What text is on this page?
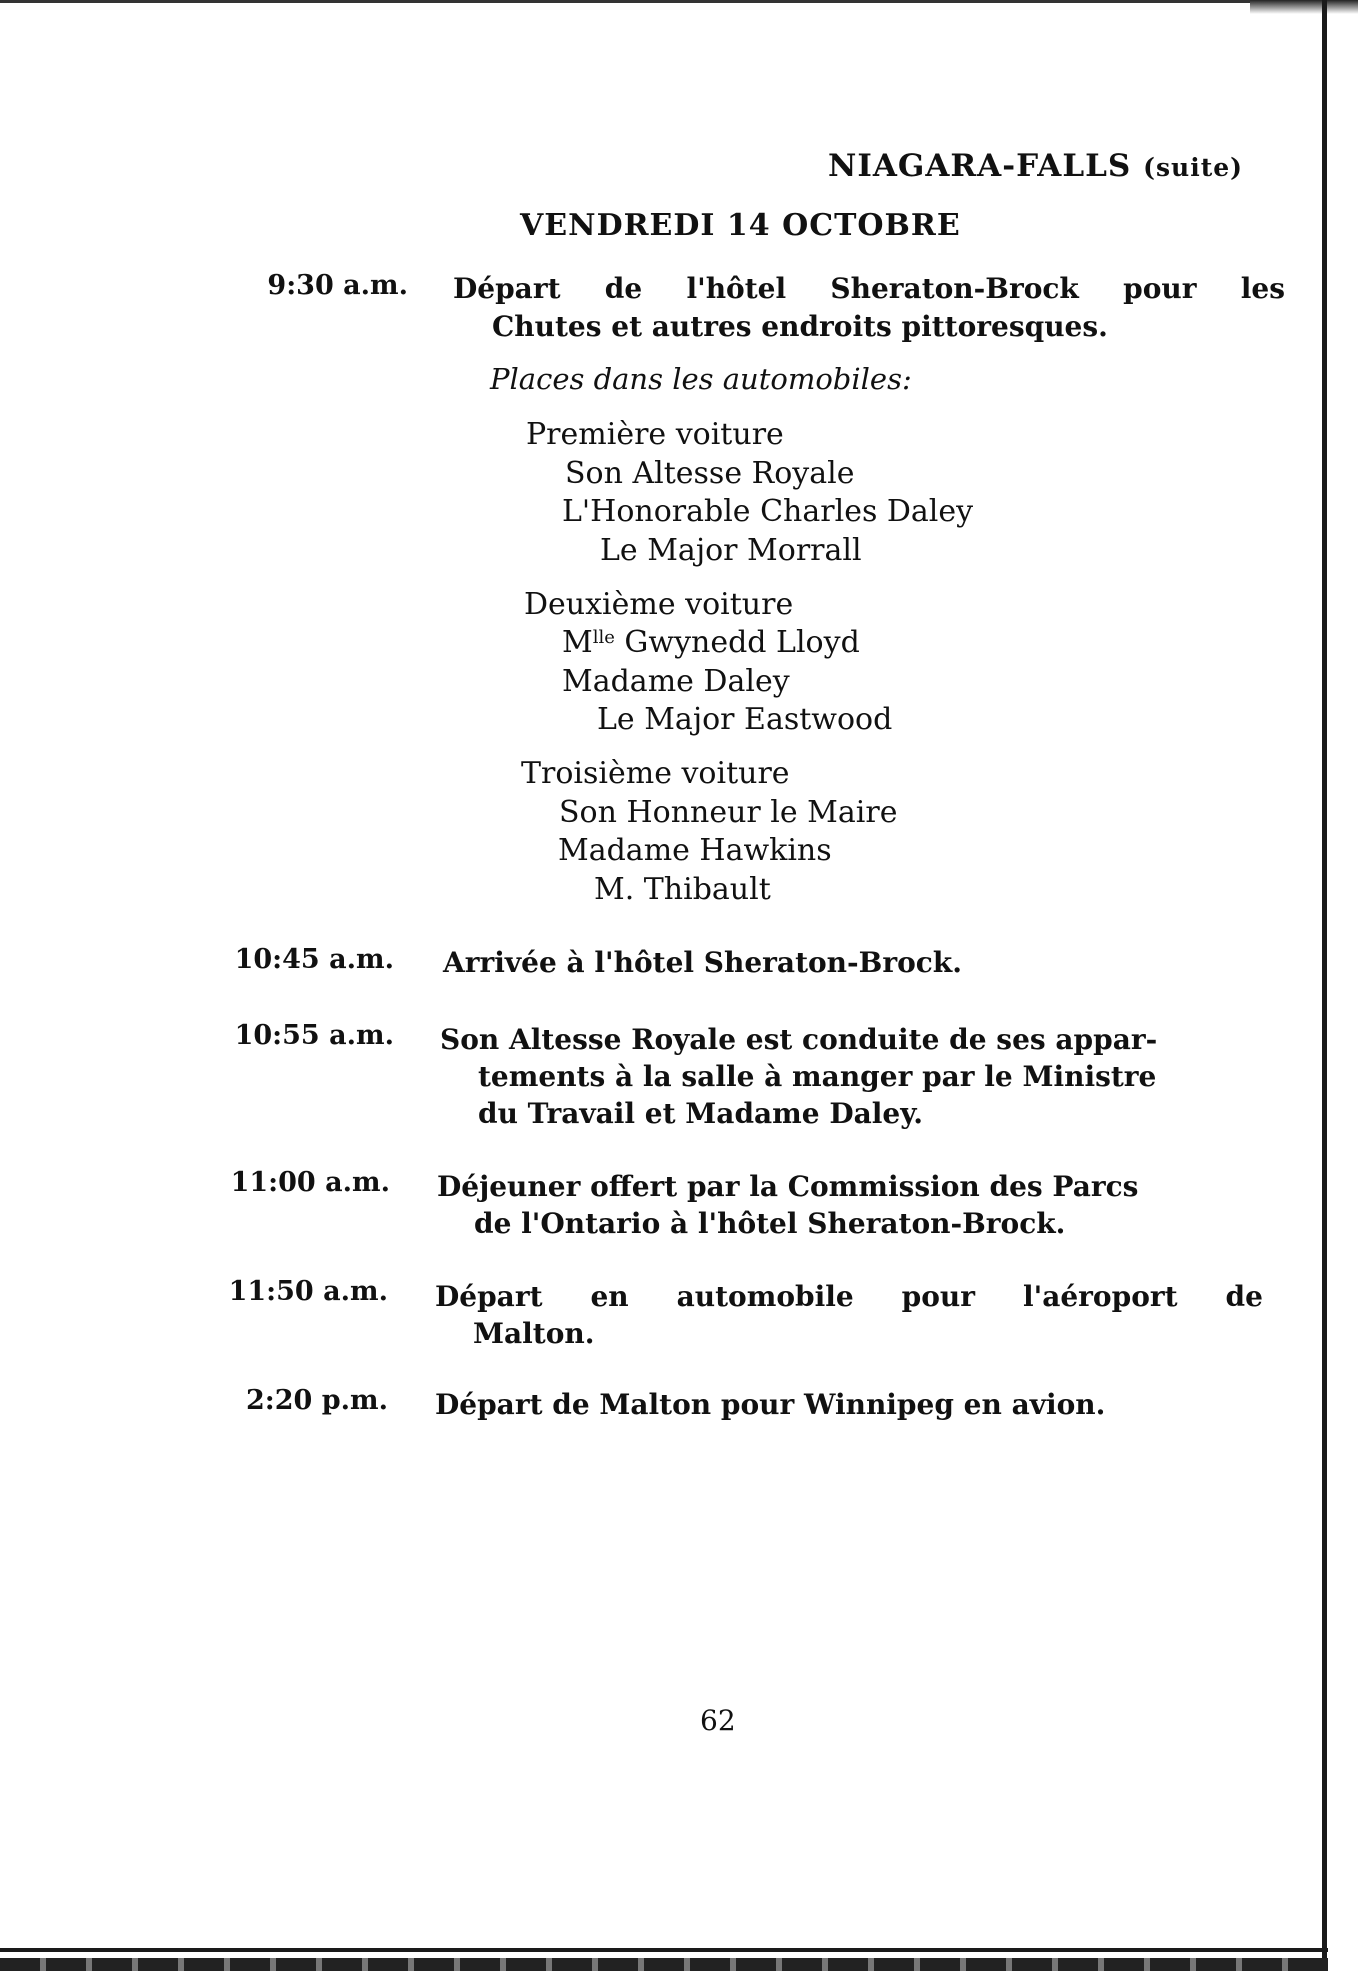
NIAGARA-FALLS (suite)
VENDREDI 14 OCTOBRE
9:30 a.m. Départ de l'hôtel Sheraton-Brock pour les
Chutes et autres endroits pittoresques.
Places dans les automobiles:
Première voiture
Son Altesse Royale
L'Honorable Charles Daley
Le Major Morrall
Deuxième voiture
$M^{lle}$ Gwynedd Lloyd
Madame Daley
Le Major Eastwood
Troisième voiture
Son Honneur le Maire
Madame Hawkins
M. Thibault
10:45 a.m. Arrivée à l'hôtel Sheraton-Brock.
10:55 a.m. Son Altesse Royale est conduite de ses appar-
tements à la salle à manger par le Ministre
du Travail et Madame Daley.
11:00 a.m. Déjeuner offert par la Commission des Parcs
de l'Ontario à l'hôtel Sheraton-Brock.
11:50 a.m. Départ en automobile pour l'aéroport de
Malton.
2:20 p.m. Départ de Malton pour Winnipeg en avion.
62
